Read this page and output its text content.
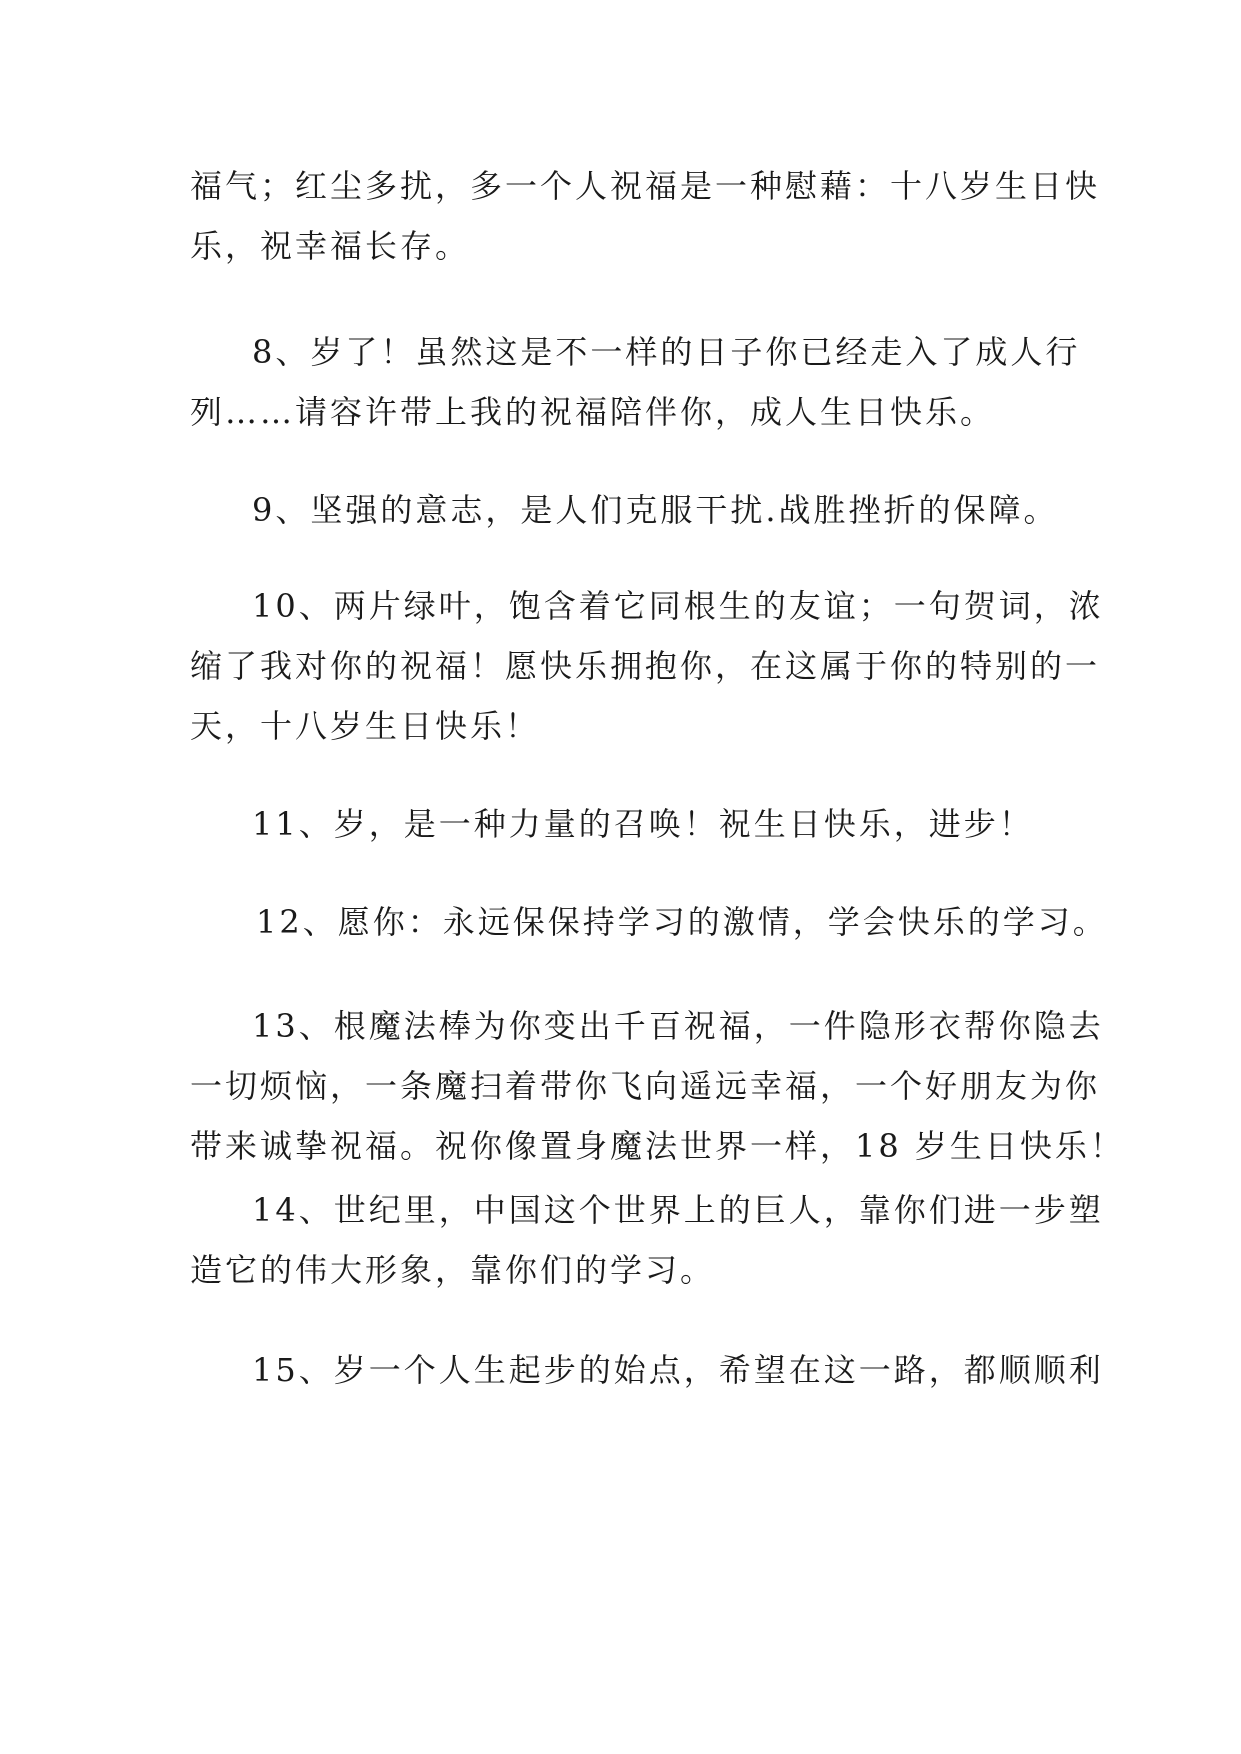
福气；红尘多扰，多一个人祝福是一种慰藉：十八岁生日快
乐，祝幸福长存。
8、岁了！虽然这是不一样的日子你已经走入了成人行
列……请容许带上我的祝福陪伴你，成人生日快乐。
9、坚强的意志，是人们克服干扰.战胜挫折的保障。
10、两片绿叶，饱含着它同根生的友谊；一句贺词，浓
缩了我对你的祝福！愿快乐拥抱你，在这属于你的特别的一
天，十八岁生日快乐！
11、岁，是一种力量的召唤！祝生日快乐，进步！
12、愿你：永远保保持学习的激情，学会快乐的学习。
13、根魔法棒为你变出千百祝福，一件隐形衣帮你隐去
一切烦恼，一条魔扫着带你飞向遥远幸福，一个好朋友为你
带来诚挚祝福。祝你像置身魔法世界一样，18 岁生日快乐！
14、世纪里，中国这个世界上的巨人，靠你们进一步塑
造它的伟大形象，靠你们的学习。
15、岁一个人生起步的始点，希望在这一路，都顺顺利
